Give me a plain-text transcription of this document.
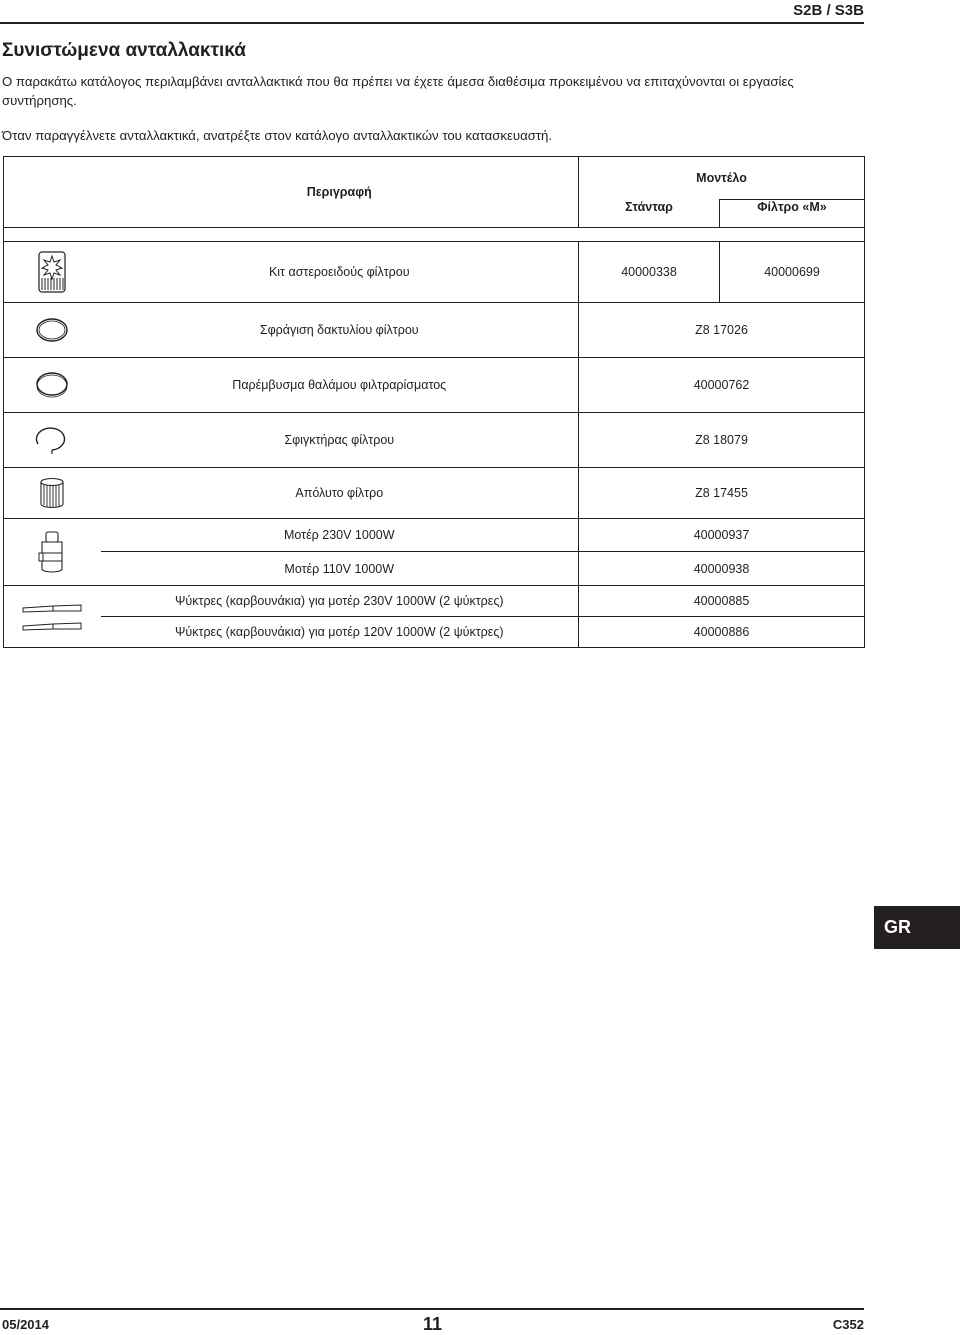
S2B / S3B
Συνιστώμενα ανταλλακτικά
Ο παρακάτω κατάλογος περιλαμβάνει ανταλλακτικά που θα πρέπει να έχετε άμεσα διαθέσιμα προκειμένου να επιταχύνονται οι εργασίες συντήρησης.
Όταν παραγγέλνετε ανταλλακτικά, ανατρέξτε στον κατάλογο ανταλλακτικών του κατασκευαστή.
	Περιγραφή	Μοντέλο	
		Στάνταρ	Φίλτρο «M»

	Κιτ αστεροειδούς φίλτρου	40000338	40000699

	Σφράγιση δακτυλίου φίλτρου	Z8 17026	

	Παρέμβυσμα θαλάμου φιλτραρίσματος	40000762	

	Σφιγκτήρας φίλτρου	Z8 18079	

	Απόλυτο φίλτρο	Z8 17455	

	Μοτέρ 230V 1000W	40000937	
	Μοτέρ 110V 1000W	40000938	

	Ψύκτρες (καρβουνάκια) για μοτέρ 230V 1000W (2 ψύκτρες)	40000885	
	Ψύκτρες (καρβουνάκια) για μοτέρ 120V 1000W (2 ψύκτρες)	40000886	
GR
05/2014	11	C352
